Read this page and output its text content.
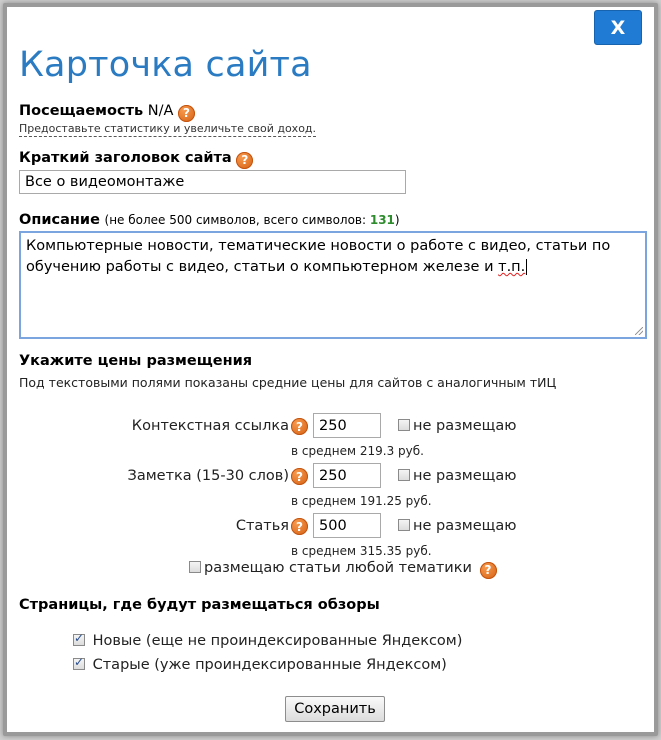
X
Карточка сайта
Посещаемость N/A ?
Предоставьте статистику и увеличьте свой доход.
Краткий заголовок сайта ?
Все о видеомонтаже
Описание (не более 500 символов, всего символов: 131)
Компьютерные новости, тематические новости о работе с видео, статьи по обучению работы с видео, статьи о компьютерном железе и т.п.
Укажите цены размещения
Под текстовыми полями показаны средние цены для сайтов с аналогичным тИЦ
Контекстная ссылка ?	250	не размещаю
в среднем 219.3 руб.
Заметка (15-30 слов) ?	250	не размещаю
в среднем 191.25 руб.
Статья ?	500	не размещаю
в среднем 315.35 руб.
размещаю статьи любой тематики ?
Страницы, где будут размещаться обзоры
✓ Новые (еще не проиндексированные Яндексом)
✓ Старые (уже проиндексированные Яндексом)
Сохранить
